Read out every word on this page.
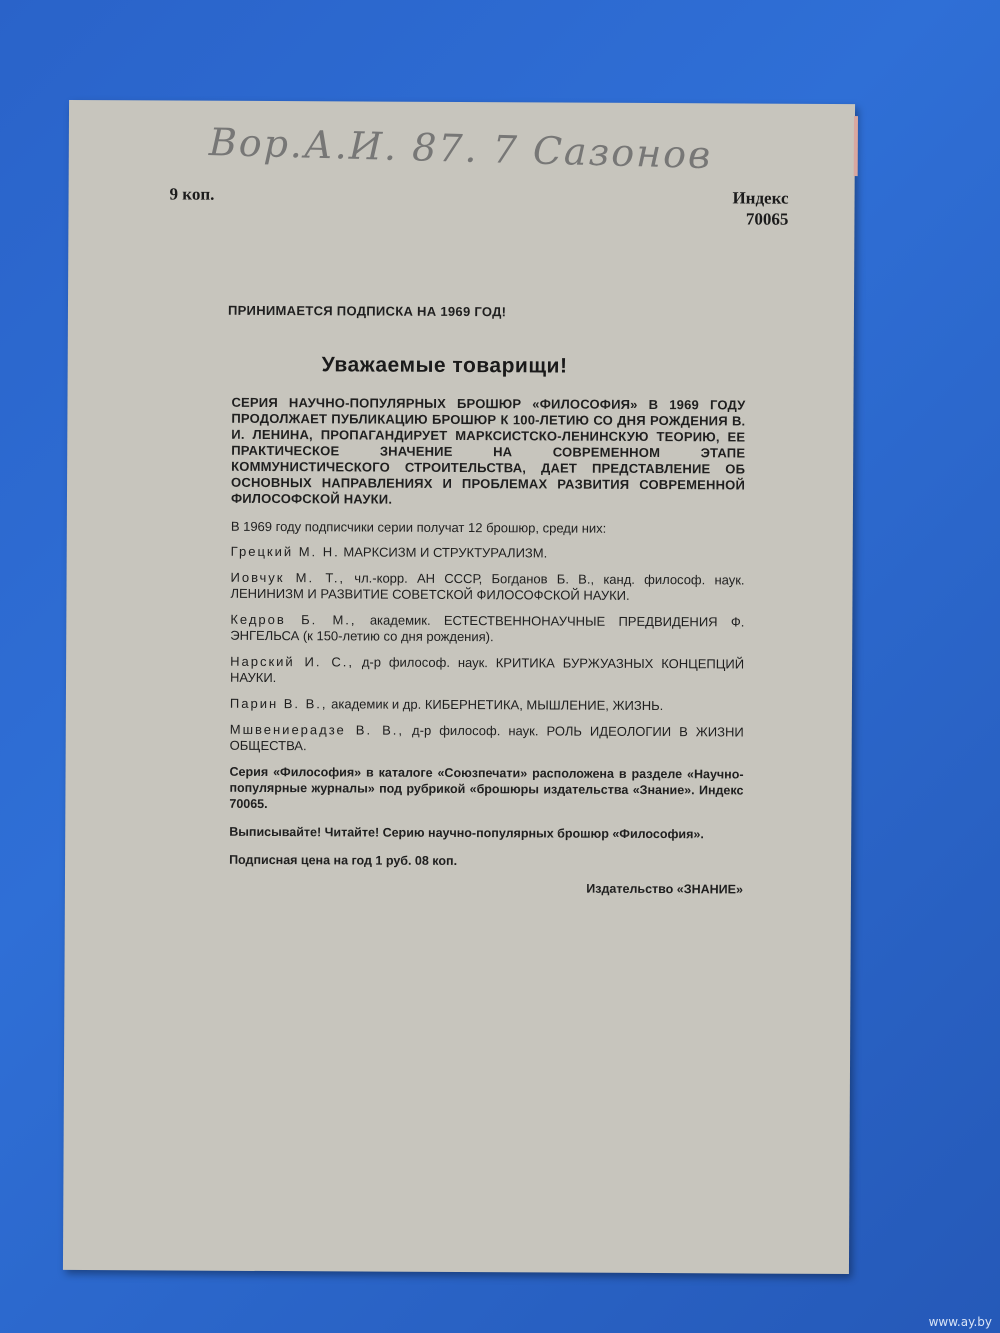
Вор.А.И. 87. 7 Сазонов
9 коп.	Индекс
70065
ПРИНИМАЕТСЯ ПОДПИСКА НА 1969 ГОД!
Уважаемые товарищи!

СЕРИЯ НАУЧНО-ПОПУЛЯРНЫХ БРОШЮР «ФИЛОСОФИЯ» В 1969 ГОДУ ПРОДОЛЖАЕТ ПУБЛИКАЦИЮ БРОШЮР К 100-ЛЕТИЮ СО ДНЯ РОЖДЕНИЯ В. И. ЛЕНИНА, ПРОПАГАНДИРУЕТ МАРКСИСТСКО-ЛЕНИНСКУЮ ТЕОРИЮ, ЕЕ ПРАКТИЧЕСКОЕ ЗНАЧЕНИЕ НА СОВРЕМЕННОМ ЭТАПЕ КОММУНИСТИЧЕСКОГО СТРОИТЕЛЬСТВА, ДАЕТ ПРЕДСТАВЛЕНИЕ ОБ ОСНОВНЫХ НАПРАВЛЕНИЯХ И ПРОБЛЕМАХ РАЗВИТИЯ СОВРЕМЕННОЙ ФИЛОСОФСКОЙ НАУКИ.

В 1969 году подписчики серии получат 12 брошюр, среди них:

Грецкий М. Н. МАРКСИЗМ И СТРУКТУРАЛИЗМ.

Иовчук М. Т., чл.-корр. АН СССР, Богданов Б. В., канд. философ. наук. ЛЕНИНИЗМ И РАЗВИТИЕ СОВЕТСКОЙ ФИЛОСОФСКОЙ НАУКИ.

Кедров Б. М., академик. ЕСТЕСТВЕННОНАУЧНЫЕ ПРЕДВИДЕНИЯ Ф. ЭНГЕЛЬСА (к 150-летию со дня рождения).

Нарский И. С., д-р философ. наук. КРИТИКА БУРЖУАЗНЫХ КОНЦЕПЦИЙ НАУКИ.

Парин В. В., академик и др. КИБЕРНЕТИКА, МЫШЛЕНИЕ, ЖИЗНЬ.

Мшвениерадзе В. В., д-р философ. наук. РОЛЬ ИДЕОЛОГИИ В ЖИЗНИ ОБЩЕСТВА.

Серия «Философия» в каталоге «Союзпечати» расположена в разделе «Научно-популярные журналы» под рубрикой «брошюры издательства «Знание». Индекс 70065.

Выписывайте! Читайте! Серию научно-популярных брошюр «Философия».

Подписная цена на год 1 руб. 08 коп.

Издательство «ЗНАНИЕ»

www.ay.by
